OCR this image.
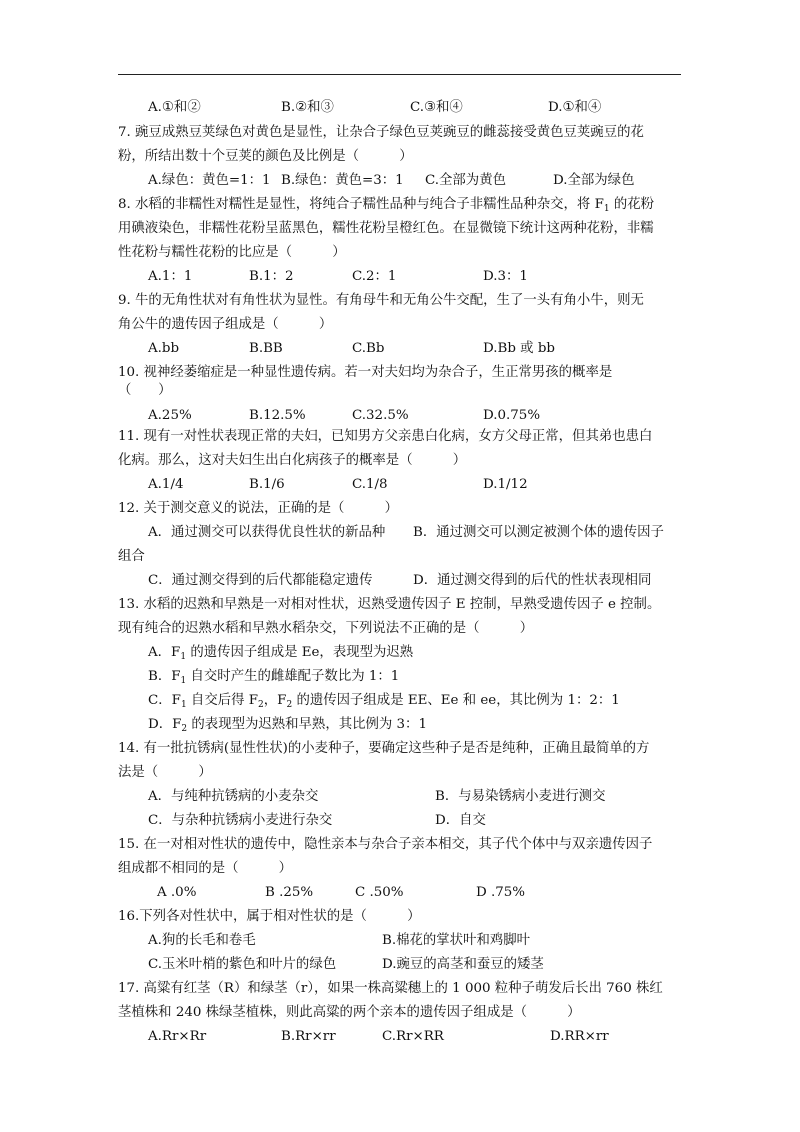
A.①和②	B.②和③	C.③和④	D.①和④
7. 豌豆成熟豆荚绿色对黄色是显性，让杂合子绿色豆荚豌豆的雌蕊接受黄色豆荚豌豆的花
粉，所结出数十个豆荚的颜色及比例是（　　　）
A.绿色：黄色=1：1 B.绿色：黄色=3：1 C.全部为黄色	D.全部为绿色
8. 水稻的非糯性对糯性是显性，将纯合子糯性品种与纯合子非糯性品种杂交，将 $F_1$ 的花粉
用碘液染色，非糯性花粉呈蓝黑色，糯性花粉呈橙红色。在显微镜下统计这两种花粉，非糯
性花粉与糯性花粉的比应是（　　　）
A.1：1	B.1：2	C.2：1	D.3：1
9. 牛的无角性状对有角性状为显性。有角母牛和无角公牛交配，生了一头有角小牛，则无
角公牛的遗传因子组成是（　　　）
A.bb	B.BB	C.Bb	D.Bb 或 bb
10. 视神经萎缩症是一种显性遗传病。若一对夫妇均为杂合子，生正常男孩的概率是
（　　）
A.25%	B.12.5%	C.32.5%	D.0.75%
11. 现有一对性状表现正常的夫妇，已知男方父亲患白化病，女方父母正常，但其弟也患白
化病。那么，这对夫妇生出白化病孩子的概率是（　　　）
A.1/4	B.1/6	C.1/8	D.1/12
12. 关于测交意义的说法，正确的是（　　　）
A．通过测交可以获得优良性状的新品种 B．通过测交可以测定被测个体的遗传因子
组合
C．通过测交得到的后代都能稳定遗传	D．通过测交得到的后代的性状表现相同
13. 水稻的迟熟和早熟是一对相对性状，迟熟受遗传因子 E 控制，早熟受遗传因子 e 控制。
现有纯合的迟熟水稻和早熟水稻杂交，下列说法不正确的是（　　　）
A．$F_1$ 的遗传因子组成是 Ee，表现型为迟熟
B．$F_1$ 自交时产生的雌雄配子数比为 1：1
C．$F_1$ 自交后得 $F_2$，$F_2$ 的遗传因子组成是 EE、Ee 和 ee，其比例为 1：2：1
D．$F_2$ 的表现型为迟熟和早熟，其比例为 3：1
14. 有一批抗锈病(显性性状)的小麦种子，要确定这些种子是否是纯种，正确且最简单的方
法是（　　　）
A．与纯种抗锈病的小麦杂交	B．与易染锈病小麦进行测交
C．与杂种抗锈病小麦进行杂交	D．自交
15. 在一对相对性状的遗传中，隐性亲本与杂合子亲本相交，其子代个体中与双亲遗传因子
组成都不相同的是（　　　）
A .0%	B .25%	C .50%	D .75%
16.下列各对性状中，属于相对性状的是（　　　）
A.狗的长毛和卷毛	B.棉花的掌状叶和鸡脚叶
C.玉米叶梢的紫色和叶片的绿色	D.豌豆的高茎和蚕豆的矮茎
17. 高粱有红茎（R）和绿茎（r），如果一株高粱穗上的 1 000 粒种子萌发后长出 760 株红
茎植株和 240 株绿茎植株，则此高粱的两个亲本的遗传因子组成是（　　　）
A.Rr×Rr	B.Rr×rr	C.Rr×RR	D.RR×rr
